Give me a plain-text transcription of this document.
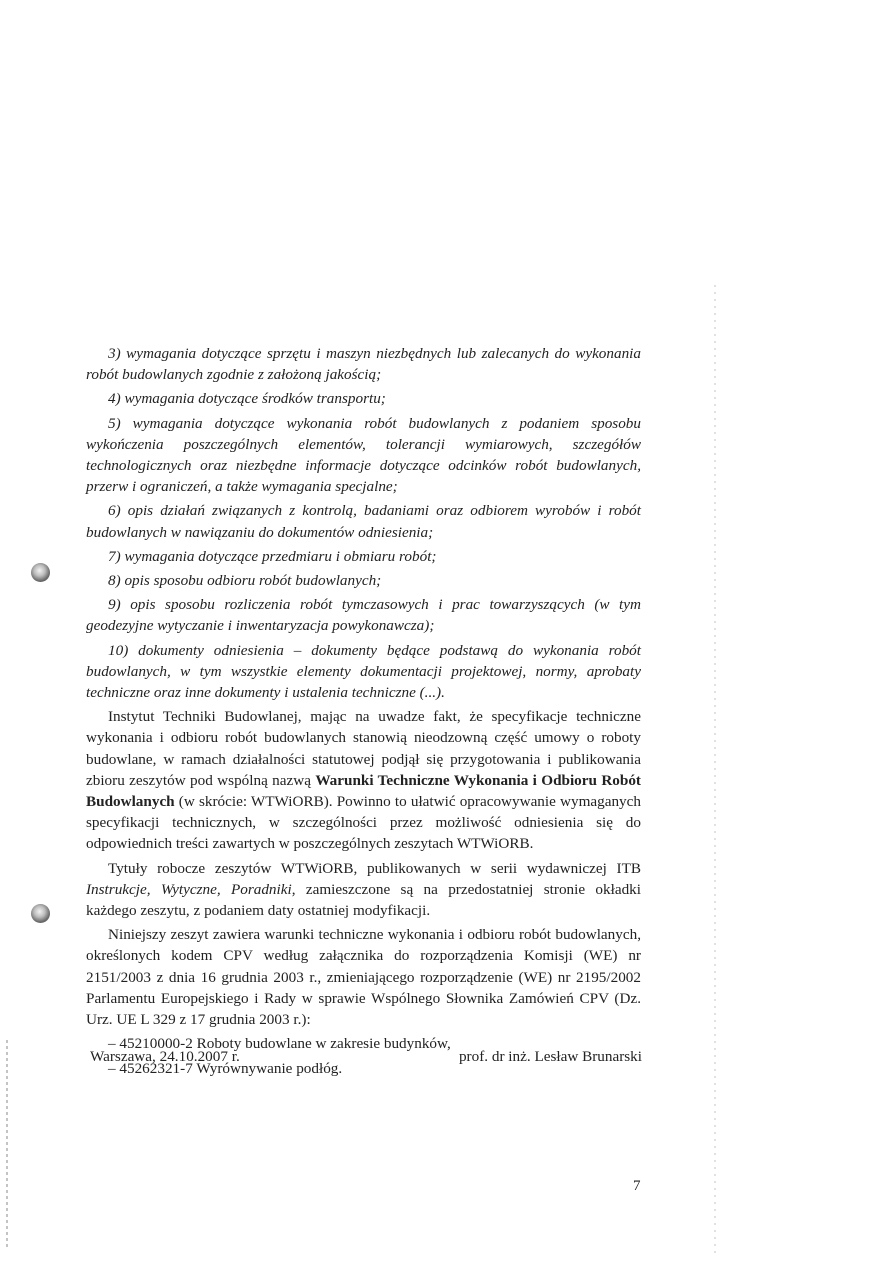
3) wymagania dotyczące sprzętu i maszyn niezbędnych lub zalecanych do wykonania robót budowlanych zgodnie z założoną jakością;

4) wymagania dotyczące środków transportu;

5) wymagania dotyczące wykonania robót budowlanych z podaniem sposobu wykończenia poszczególnych elementów, tolerancji wymiarowych, szczegółów technologicznych oraz niezbędne informacje dotyczące odcinków robót budowlanych, przerw i ograniczeń, a także wymagania specjalne;

6) opis działań związanych z kontrolą, badaniami oraz odbiorem wyrobów i robót budowlanych w nawiązaniu do dokumentów odniesienia;

7) wymagania dotyczące przedmiaru i obmiaru robót;

8) opis sposobu odbioru robót budowlanych;

9) opis sposobu rozliczenia robót tymczasowych i prac towarzyszących (w tym geodezyjne wytyczanie i inwentaryzacja powykonawcza);

10) dokumenty odniesienia – dokumenty będące podstawą do wykonania robót budowlanych, w tym wszystkie elementy dokumentacji projektowej, normy, aprobaty techniczne oraz inne dokumenty i ustalenia techniczne (...).

Instytut Techniki Budowlanej, mając na uwadze fakt, że specyfikacje techniczne wykonania i odbioru robót budowlanych stanowią nieodzowną część umowy o roboty budowlane, w ramach działalności statutowej podjął się przygotowania i publikowania zbioru zeszytów pod wspólną nazwą Warunki Techniczne Wykonania i Odbioru Robót Budowlanych (w skrócie: WTWiORB). Powinno to ułatwić opracowywanie wymaganych specyfikacji technicznych, w szczególności przez możliwość odniesienia się do odpowiednich treści zawartych w poszczególnych zeszytach WTWiORB.

Tytuły robocze zeszytów WTWiORB, publikowanych w serii wydawniczej ITB Instrukcje, Wytyczne, Poradniki, zamieszczone są na przedostatniej stronie okładki każdego zeszytu, z podaniem daty ostatniej modyfikacji.

Niniejszy zeszyt zawiera warunki techniczne wykonania i odbioru robót budowlanych, określonych kodem CPV według załącznika do rozporządzenia Komisji (WE) nr 2151/2003 z dnia 16 grudnia 2003 r., zmieniającego rozporządzenie (WE) nr 2195/2002 Parlamentu Europejskiego i Rady w sprawie Wspólnego Słownika Zamówień CPV (Dz. Urz. UE L 329 z 17 grudnia 2003 r.):

– 45210000-2 Roboty budowlane w zakresie budynków,

– 45262321-7 Wyrównywanie podłóg.

Warszawa, 24.10.2007 r.	prof. dr inż. Lesław Brunarski
7
